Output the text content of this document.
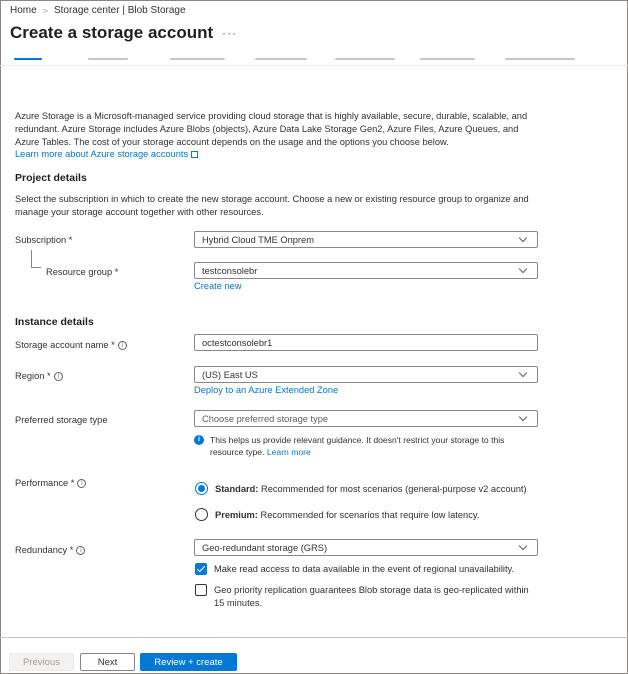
Home > Storage center | Blob Storage
Create a storage account ···
Azure Storage is a Microsoft-managed service providing cloud storage that is highly available, secure, durable, scalable, and redundant. Azure Storage includes Azure Blobs (objects), Azure Data Lake Storage Gen2, Azure Files, Azure Queues, and Azure Tables. The cost of your storage account depends on the usage and the options you choose below.
Learn more about Azure storage accounts
Project details
Select the subscription in which to create the new storage account. Choose a new or existing resource group to organize and manage your storage account together with other resources.
Subscription *	Hybrid Cloud TME Onprem
Resource group *	testconsolebr
Create new
Instance details
Storage account name *	i	octestconsolebr1
Region *	i	(US) East US
Deploy to an Azure Extended Zone
Preferred storage type	Choose preferred storage type
i	This helps us provide relevant guidance. It doesn't restrict your storage to this resource type. Learn more
Performance *	i
Standard: Recommended for most scenarios (general-purpose v2 account)
Premium: Recommended for scenarios that require low latency.
Redundancy *	i	Geo-redundant storage (GRS)
Make read access to data available in the event of regional unavailability.
Geo priority replication guarantees Blob storage data is geo-replicated within 15 minutes.
Previous	Next	Review + create
